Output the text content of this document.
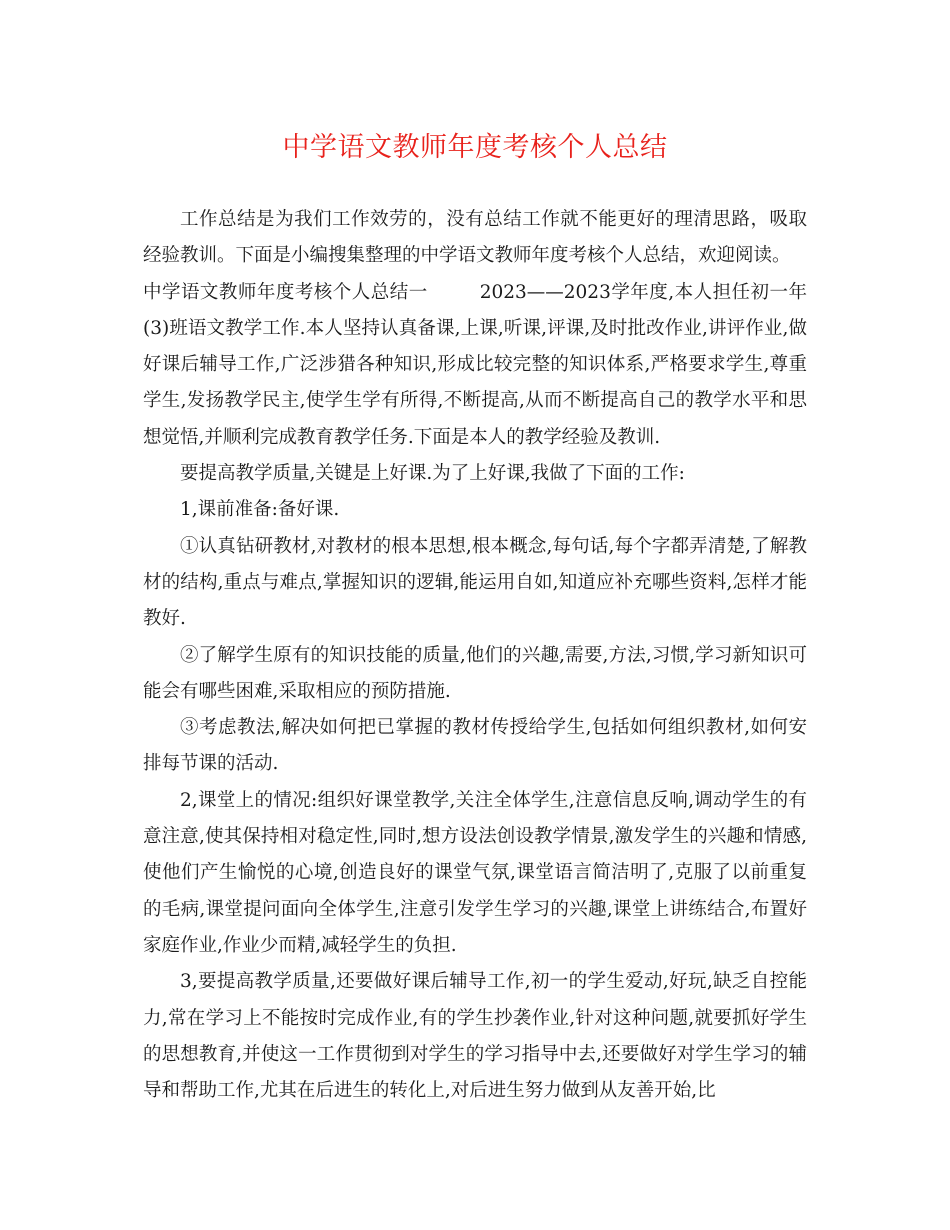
中学语文教师年度考核个人总结

工作总结是为我们工作效劳的，没有总结工作就不能更好的理清思路，吸取经验教训。下面是小编搜集整理的中学语文教师年度考核个人总结，欢迎阅读。

中学语文教师年度考核个人总结一	2023——2023学年度,本人担任初一年(3)班语文教学工作.本人坚持认真备课,上课,听课,评课,及时批改作业,讲评作业,做好课后辅导工作,广泛涉猎各种知识,形成比较完整的知识体系,严格要求学生,尊重学生,发扬教学民主,使学生学有所得,不断提高,从而不断提高自己的教学水平和思想觉悟,并顺利完成教育教学任务.下面是本人的教学经验及教训.

要提高教学质量,关键是上好课.为了上好课,我做了下面的工作:

1,课前准备:备好课.

①认真钻研教材,对教材的根本思想,根本概念,每句话,每个字都弄清楚,了解教材的结构,重点与难点,掌握知识的逻辑,能运用自如,知道应补充哪些资料,怎样才能教好.

②了解学生原有的知识技能的质量,他们的兴趣,需要,方法,习惯,学习新知识可能会有哪些困难,采取相应的预防措施.

③考虑教法,解决如何把已掌握的教材传授给学生,包括如何组织教材,如何安排每节课的活动.

2,课堂上的情况:组织好课堂教学,关注全体学生,注意信息反响,调动学生的有意注意,使其保持相对稳定性,同时,想方设法创设教学情景,激发学生的兴趣和情感,使他们产生愉悦的心境,创造良好的课堂气氛,课堂语言简洁明了,克服了以前重复的毛病,课堂提问面向全体学生,注意引发学生学习的兴趣,课堂上讲练结合,布置好家庭作业,作业少而精,减轻学生的负担.

3,要提高教学质量,还要做好课后辅导工作,初一的学生爱动,好玩,缺乏自控能力,常在学习上不能按时完成作业,有的学生抄袭作业,针对这种问题,就要抓好学生的思想教育,并使这一工作贯彻到对学生的学习指导中去,还要做好对学生学习的辅导和帮助工作,尤其在后进生的转化上,对后进生努力做到从友善开始,比
